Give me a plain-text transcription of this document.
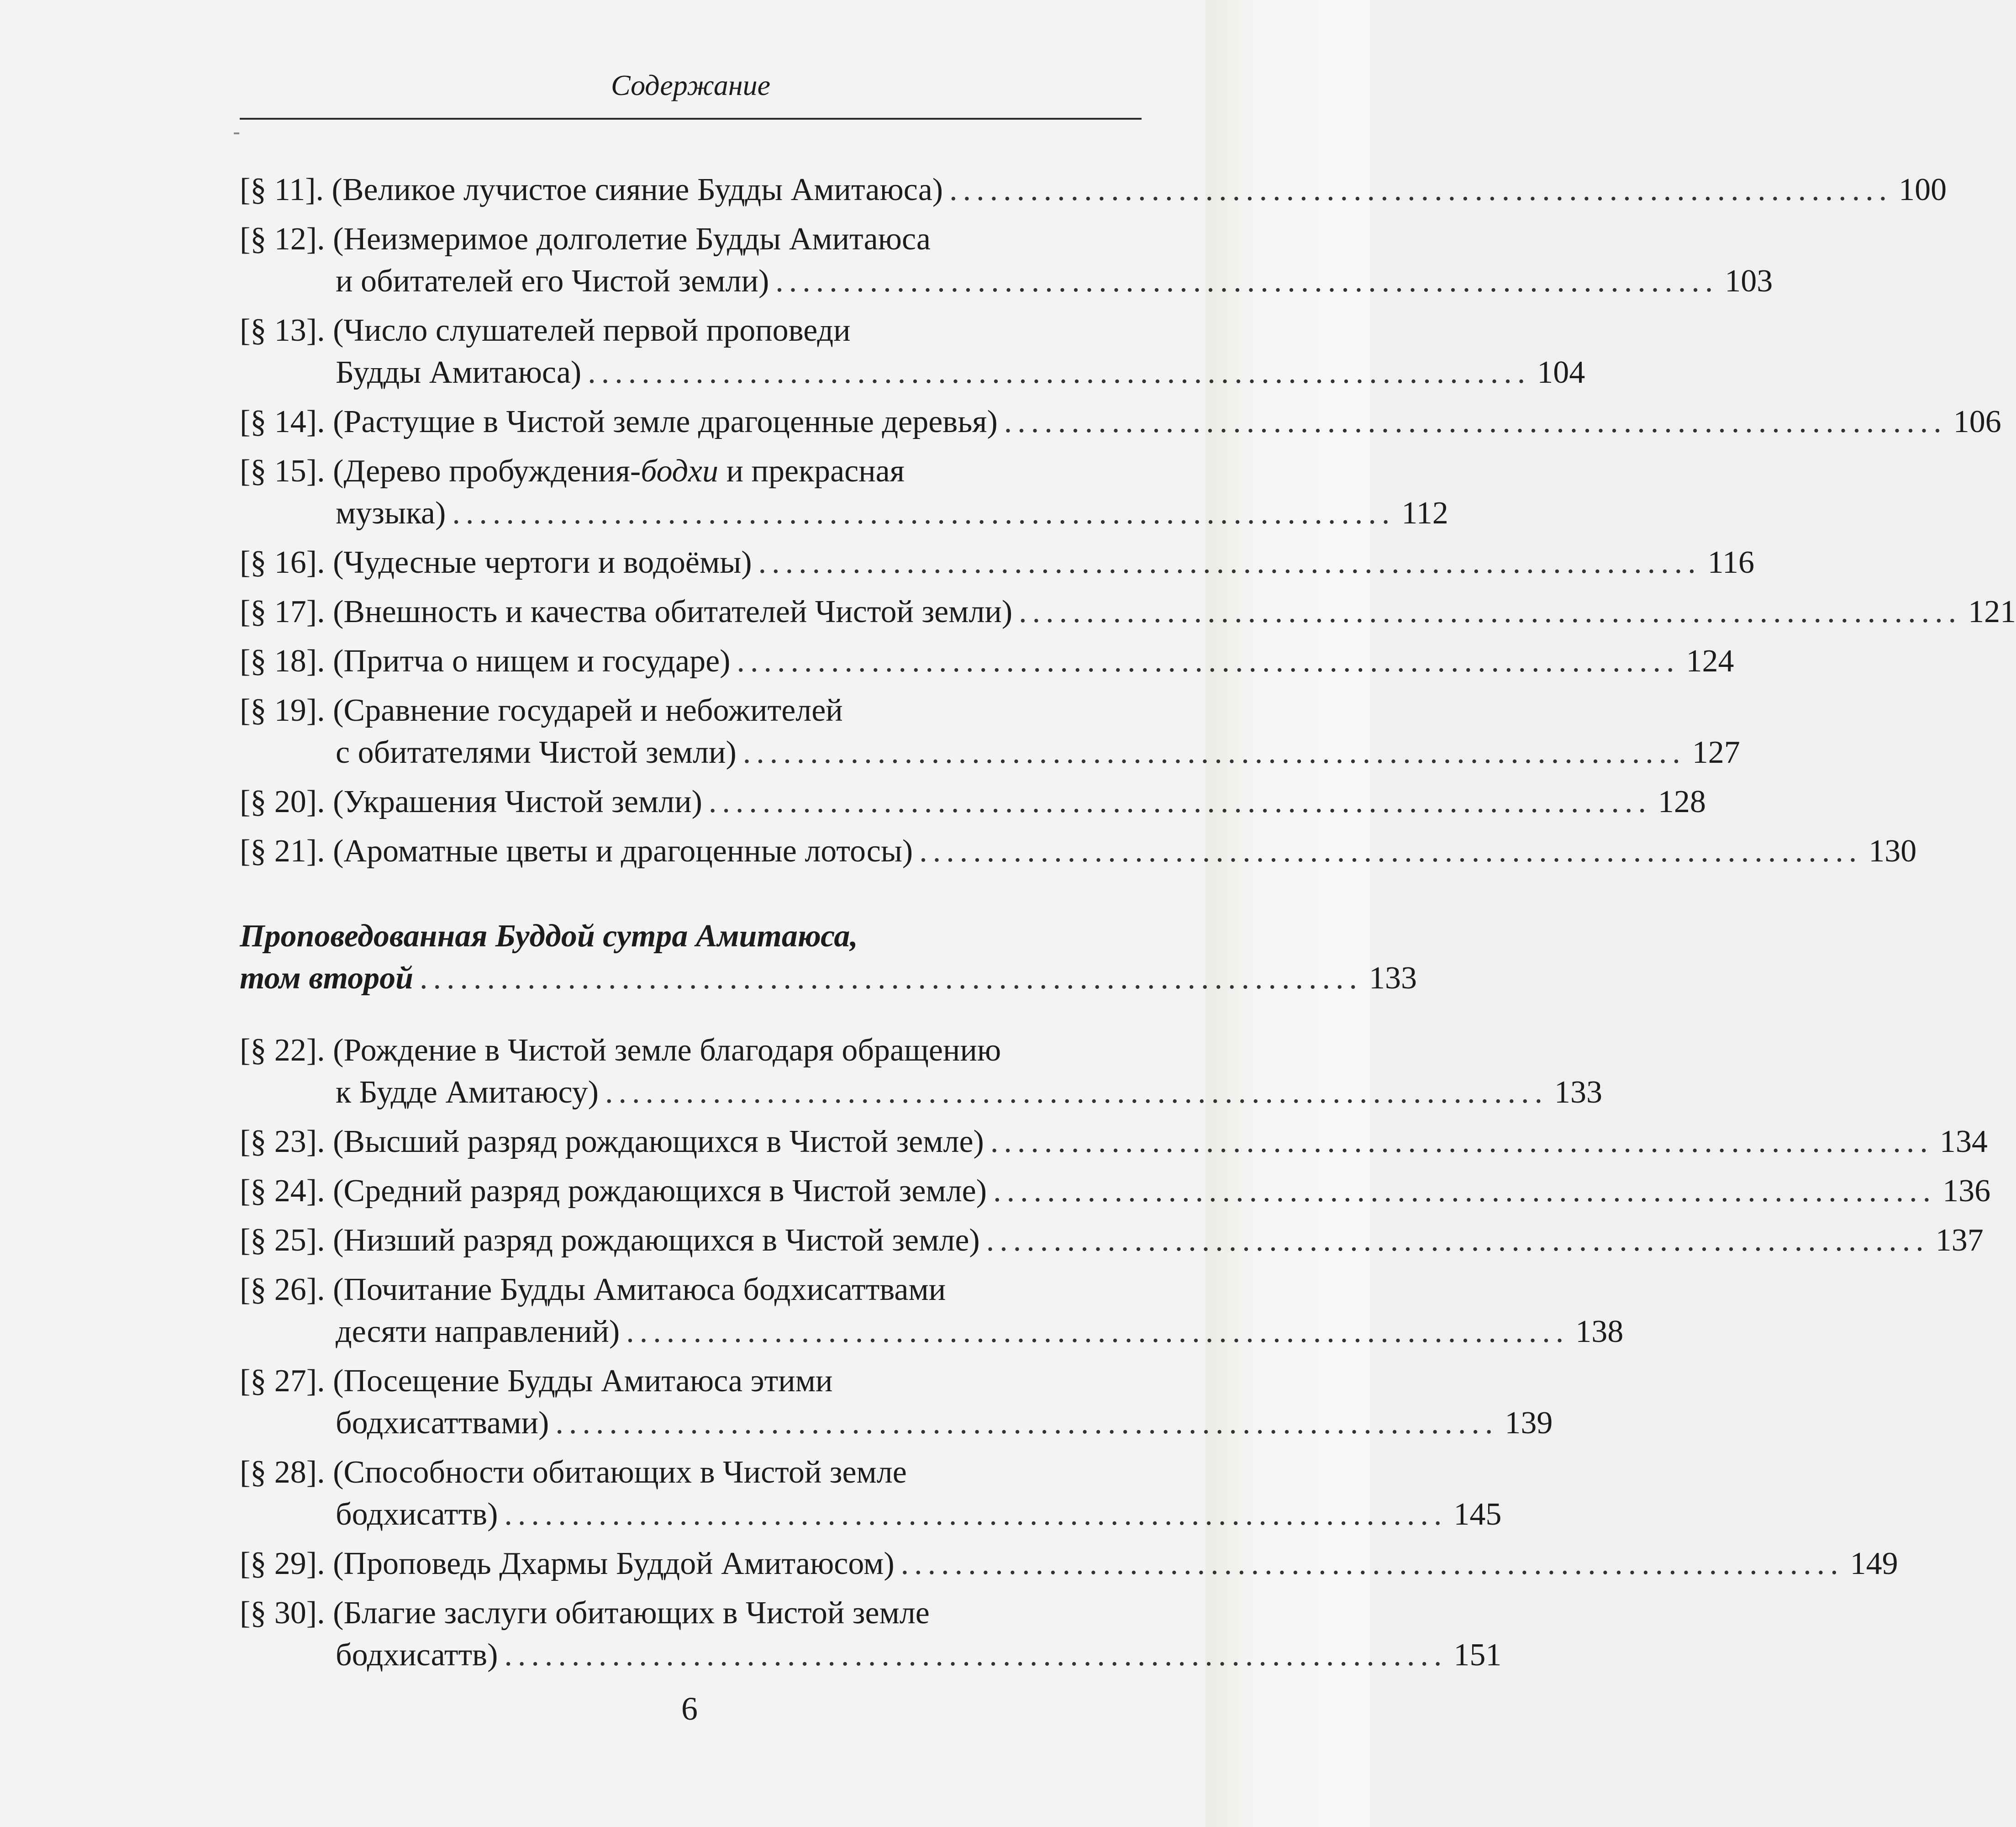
Содержание
[§ 11]. (Великое лучистое сияние Будды Амитаюса) ...................................................................... 100
[§ 12]. (Неизмеримое долголетие Будды Амитаюса
и обитателей его Чистой земли) ...................................................................... 103
[§ 13]. (Число слушателей первой проповеди
Будды Амитаюса) ...................................................................... 104
[§ 14]. (Растущие в Чистой земле драгоценные деревья) ...................................................................... 106
[§ 15]. (Дерево пробуждения-бодхи и прекрасная
музыка) ...................................................................... 112
[§ 16]. (Чудесные чертоги и водоёмы) ...................................................................... 116
[§ 17]. (Внешность и качества обитателей Чистой земли) ...................................................................... 121
[§ 18]. (Притча о нищем и государе) ...................................................................... 124
[§ 19]. (Сравнение государей и небожителей
с обитателями Чистой земли) ...................................................................... 127
[§ 20]. (Украшения Чистой земли) ...................................................................... 128
[§ 21]. (Ароматные цветы и драгоценные лотосы) ...................................................................... 130
Проповедованная Буддой сутра Амитаюса,
том второй ...................................................................... 133
[§ 22]. (Рождение в Чистой земле благодаря обращению
к Будде Амитаюсу) ...................................................................... 133
[§ 23]. (Высший разряд рождающихся в Чистой земле) ...................................................................... 134
[§ 24]. (Средний разряд рождающихся в Чистой земле) ...................................................................... 136
[§ 25]. (Низший разряд рождающихся в Чистой земле) ...................................................................... 137
[§ 26]. (Почитание Будды Амитаюса бодхисаттвами
десяти направлений) ...................................................................... 138
[§ 27]. (Посещение Будды Амитаюса этими
бодхисаттвами) ...................................................................... 139
[§ 28]. (Способности обитающих в Чистой земле
бодхисаттв) ...................................................................... 145
[§ 29]. (Проповедь Дхармы Буддой Амитаюсом) ...................................................................... 149
[§ 30]. (Благие заслуги обитающих в Чистой земле
бодхисаттв) ...................................................................... 151
6
